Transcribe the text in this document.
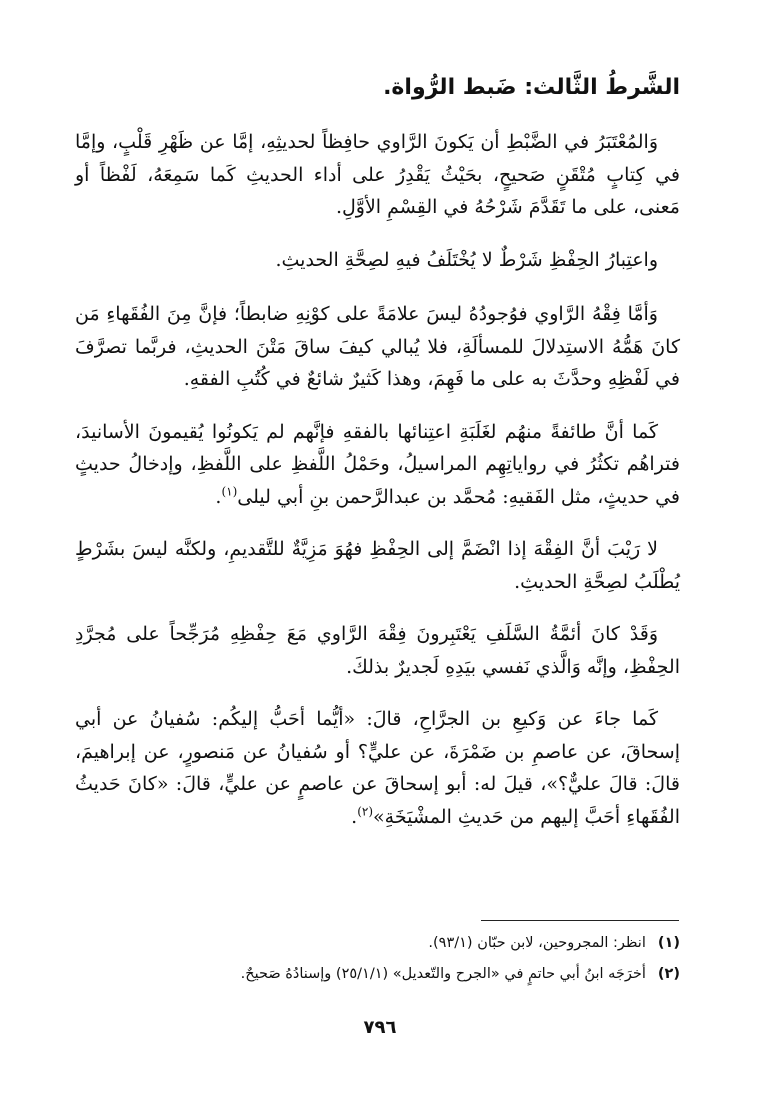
الشَّرطُ الثَّالث: ضَبط الرُّواة.

وَالمُعْتَبَرُ في الضَّبْطِ أن يَكونَ الرَّاوي حافِظاً لحديثِهِ، إمَّا عن ظَهْرِ قَلْبٍ، وإمَّا في كِتابٍ مُتْقَنٍ صَحيحٍ، بحَيْثُ يَقْدِرُ على أداء الحديثِ كَما سَمِعَهُ، لَفْظاً أو مَعنى، على ما تَقَدَّمَ شَرْحُهُ في القِسْمِ الأوَّلِ.

واعتِبارُ الحِفْظِ شَرْطٌ لا يُخْتَلَفُ فيهِ لصِحَّةِ الحديثِ.

وَأمَّا فِقْهُ الرَّاوي فوُجودُهُ ليسَ علامَةً على كوْنِهِ ضابطاً؛ فإنَّ مِنَ الفُقَهاءِ مَن كانَ هَمُّهُ الاستِدلالَ للمسألَةِ، فلا يُبالي كيفَ ساقَ مَتْنَ الحديثِ، فربَّما تصرَّفَ في لَفْظِهِ وحدَّثَ به على ما فَهِمَ، وهذا كَثيرٌ شائعٌ في كُتُبِ الفقهِ.

كَما أنَّ طائفةً منهُم لغَلَبَةِ اعتِنائها بالفقهِ فإنَّهم لم يَكونُوا يُقيمونَ الأسانيدَ، فتراهُم تكثُرُ في رواياتِهِم المراسيلُ، وحَمْلُ اللَّفظِ على اللَّفظِ، وإدخالُ حديثٍ في حديثٍ، مثل الفَقيهِ: مُحمَّد بن عبدالرَّحمن بنِ أبي ليلى$^{(١)}$.

لا رَيْبَ أنَّ الفِقْهَ إذا انْضَمَّ إلى الحِفْظِ فهُوَ مَزِيَّةٌ للتَّقديمِ، ولكنَّه ليسَ بشَرْطٍ يُطْلَبُ لصِحَّةِ الحديثِ.

وَقَدْ كانَ أئمَّةُ السَّلَفِ يَعْتَبِرونَ فِقْهَ الرَّاوي مَعَ حِفْظِهِ مُرَجِّحاً على مُجرَّدِ الحِفْظِ، وإنَّه وَالَّذي نَفسي بيَدِهِ لَجديرٌ بذلكَ.

كَما جاءَ عن وَكيعِ بن الجرَّاحِ، قالَ: «أيُّما أحَبُّ إليكُم: سُفيانُ عن أبي إسحاقَ، عن عاصمِ بن ضَمْرَةَ، عن عليٍّ؟ أو سُفيانُ عن مَنصورٍ، عن إبراهيمَ، قالَ: قالَ عليٌّ؟»، قيلَ له: أبو إسحاقَ عن عاصمٍ عن عليٍّ، قالَ: «كانَ حَديثُ الفُقَهاءِ أحَبَّ إليهم من حَديثِ المشْيَخَةِ»$^{(٢)}$.

(١)انظر: المجروحين، لابن حبّان (٩٣/١).
(٢)أخرَجَه ابنُ أبي حاتمٍ في «الجرح والتّعديل» (٢٥/١/١) وإسنادُهُ صَحيحٌ.
٧٩٦
